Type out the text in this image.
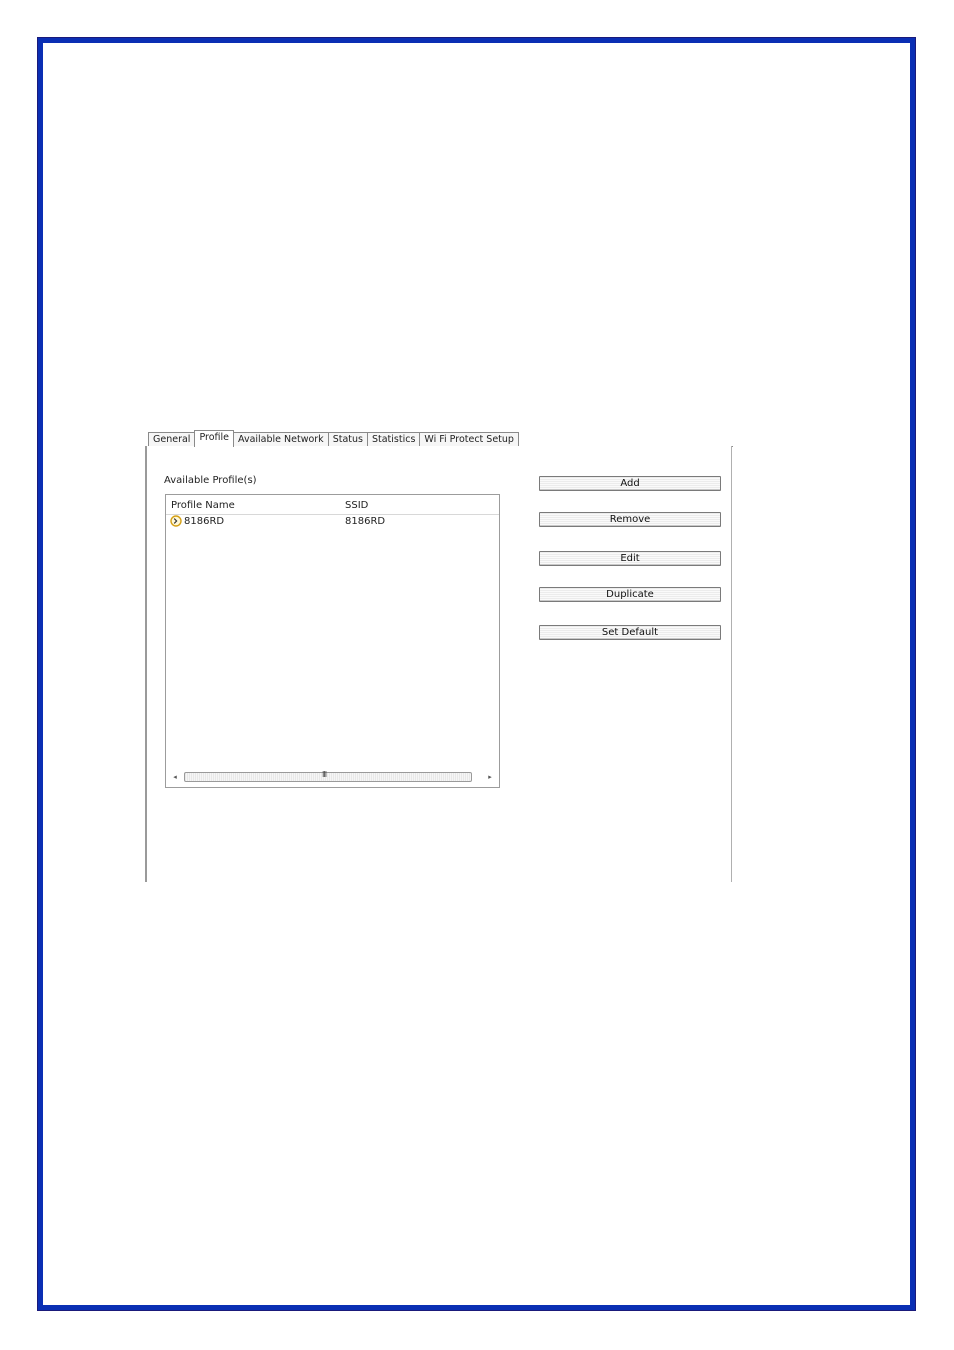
General Profile Available Network Status Statistics Wi Fi Protect Setup
Available Profile(s)
Profile Name	SSID
8186RD	8186RD
◂	III	▸
Add
Remove
Edit
Duplicate
Set Default
